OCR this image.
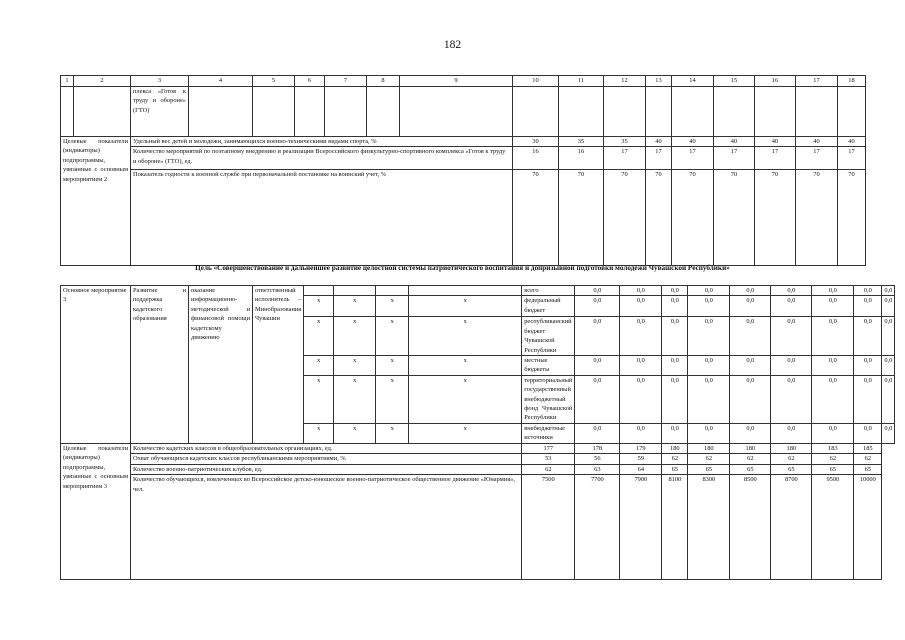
182
1	2	3	4	5	6	7	8	9	10	11	12	13	14	15	16	17	18
		плекса «Готов к труду и обороне» (ГТО)															
Целевые показатели (индикаторы) подпрограммы, увязанные с основным мероприятием 2		Удельный вес детей и молодежи, занимающихся военно-техническими видами спорта, %							30	35	35	40	40	40	40	40	40
		Количество мероприятий по поэтапному внедрению и реализации Всероссийского физкультурно-спортивного комплекса «Готов к труду и обороне» (ГТО), ед.							16	16	17	17	17	17	17	17	17
		Показатель годности к военной службе при первоначальной постановке на воинский учет, %							70	70	70	70	70	70	70	70	70
Цель «Совершенствование и дальнейшее развитие целостной системы патриотического воспитания и допризывной подготовки молодежи Чувашской Республики»
Основное мероприятие 3	Развитие и поддержка кадетского образования	оказание информационно-методической и финансовой помощи кадетскому движению	ответственный исполнитель – Минобразования Чувашии					всего	0,0	0,0	0,0	0,0	0,0	0,0	0,0	0,0	0,0
				x	x	x	x	федеральный бюджет	0,0	0,0	0,0	0,0	0,0	0,0	0,0	0,0	0,0
				x	x	x	x	республиканский бюджет Чувашской Республики	0,0	0,0	0,0	0,0	0,0	0,0	0,0	0,0	0,0
				x	x	x	x	местные бюджеты	0,0	0,0	0,0	0,0	0,0	0,0	0,0	0,0	0,0
				x	x	x	x	территориальный государственный внебюджетный фонд Чувашской Республики	0,0	0,0	0,0	0,0	0,0	0,0	0,0	0,0	0,0
				x	x	x	x	внебюджетные источники	0,0	0,0	0,0	0,0	0,0	0,0	0,0	0,0	0,0
Целевые показатели (индикаторы) подпрограммы, увязанные с основным мероприятием 3	Количество кадетских классов в общеобразовательных организациях, ед.							177	178	179	180	180	180	180	183	185	
	Охват обучающихся кадетских классов республиканскими мероприятиями, %							53	56	59	62	62	62	62	62	62	
	Количество военно-патриотических клубов, ед.							62	63	64	65	65	65	65	65	65	
	Количество обучающихся, вовлеченных во Всероссийское детско-юношеское военно-патриотическое общественное движение «Юнармия», чел.							7500	7700	7900	8100	8300	8500	8700	9500	10000	
